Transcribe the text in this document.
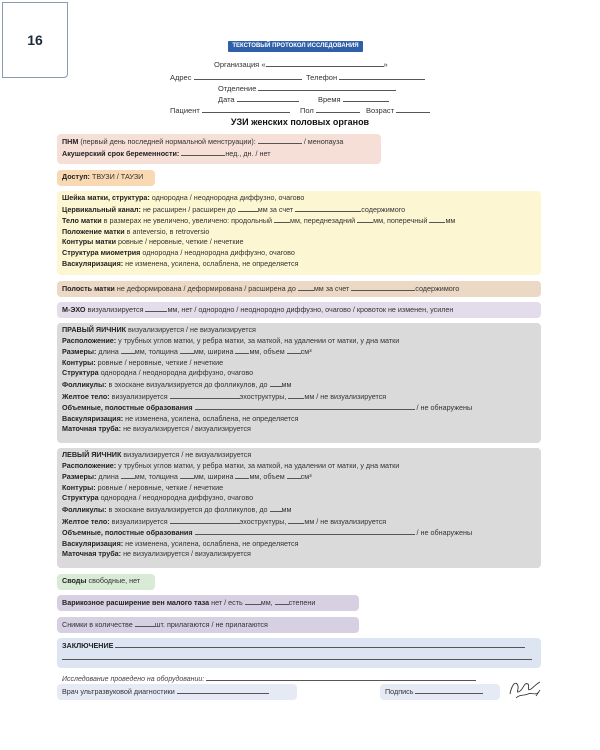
16	ТЕКСТОВЫЙ ПРОТОКОЛ ИССЛЕДОВАНИЯ
Организация «	»
Адрес	Телефон
Отделение
Дата	Время
Пациент	Пол	Возраст
УЗИ женских половых органов
ПНМ (первый день последней нормальной менструации):	/ менопауза
Акушерский срок беременности:	нед., дн. / нет
Доступ: ТВУЗИ / ТАУЗИ
Шейка матки, структура: однородна / неоднородна диффузно, очагово
Цервикальный канал: не расширен / расширен до	мм за счет	содержимого
Тело матки в размерах не увеличено, увеличено: продольный	мм, переднезадний	мм, поперечный	мм
Положение матки в antеversio, в retroversio
Контуры матки ровные / неровные, четкие / нечеткие
Структура миометрия однородна / неоднородна диффузно, очагово
Васкуляризация: не изменена, усилена, ослаблена, не определяется
Полость матки не деформирована / деформирована / расширена до	мм за счет	содержимого
М-ЭХО визуализируется	мм, нет / однородно / неоднородно диффузно, очагово / кровоток не изменен, усилен
ПРАВЫЙ ЯИЧНИК визуализируется / не визуализируется
Расположение: у трубных углов матки, у ребра матки, за маткой, на удалении от матки, у дна матки
Размеры: длина мм, толщина мм, ширина мм, объем см³
Контуры: ровные / неровные, четкие / нечеткие
Структура однородна / неоднородна диффузно, очагово
Фолликулы: в эхосканe визуализируется до фолликулов, до мм
Желтое тело: визуализируется	эхоструктуры,	мм / не визуализируется
Объемные, полостные образования	/ не обнаружены
Васкуляризация: не изменена, усилена, ослаблена, не определяется
Маточная труба: не визуализируется / визуализируется
ЛЕВЫЙ ЯИЧНИК визуализируется / не визуализируется
Расположение: у трубных углов матки, у ребра матки, за маткой, на удалении от матки, у дна матки
Размеры: длина мм, толщина мм, ширина мм, объем см³
Контуры: ровные / неровные, четкие / нечеткие
Структура однородна / неоднородна диффузно, очагово
Фолликулы: в эхосканe визуализируется до фолликулов, до мм
Желтое тело: визуализируется	эхоструктуры,	мм / не визуализируется
Объемные, полостные образования	/ не обнаружены
Васкуляризация: не изменена, усилена, ослаблена, не определяется
Маточная труба: не визуализируется / визуализируется
Своды свободные, нет
Варикозное расширение вен малого таза нет / есть	мм, степени
Снимки в количестве	шт. прилагаются / не прилагаются
ЗАКЛЮЧЕНИЕ
Исследование проведено на оборудовании:
Врач ультразвуковой диагностики	Подпись
